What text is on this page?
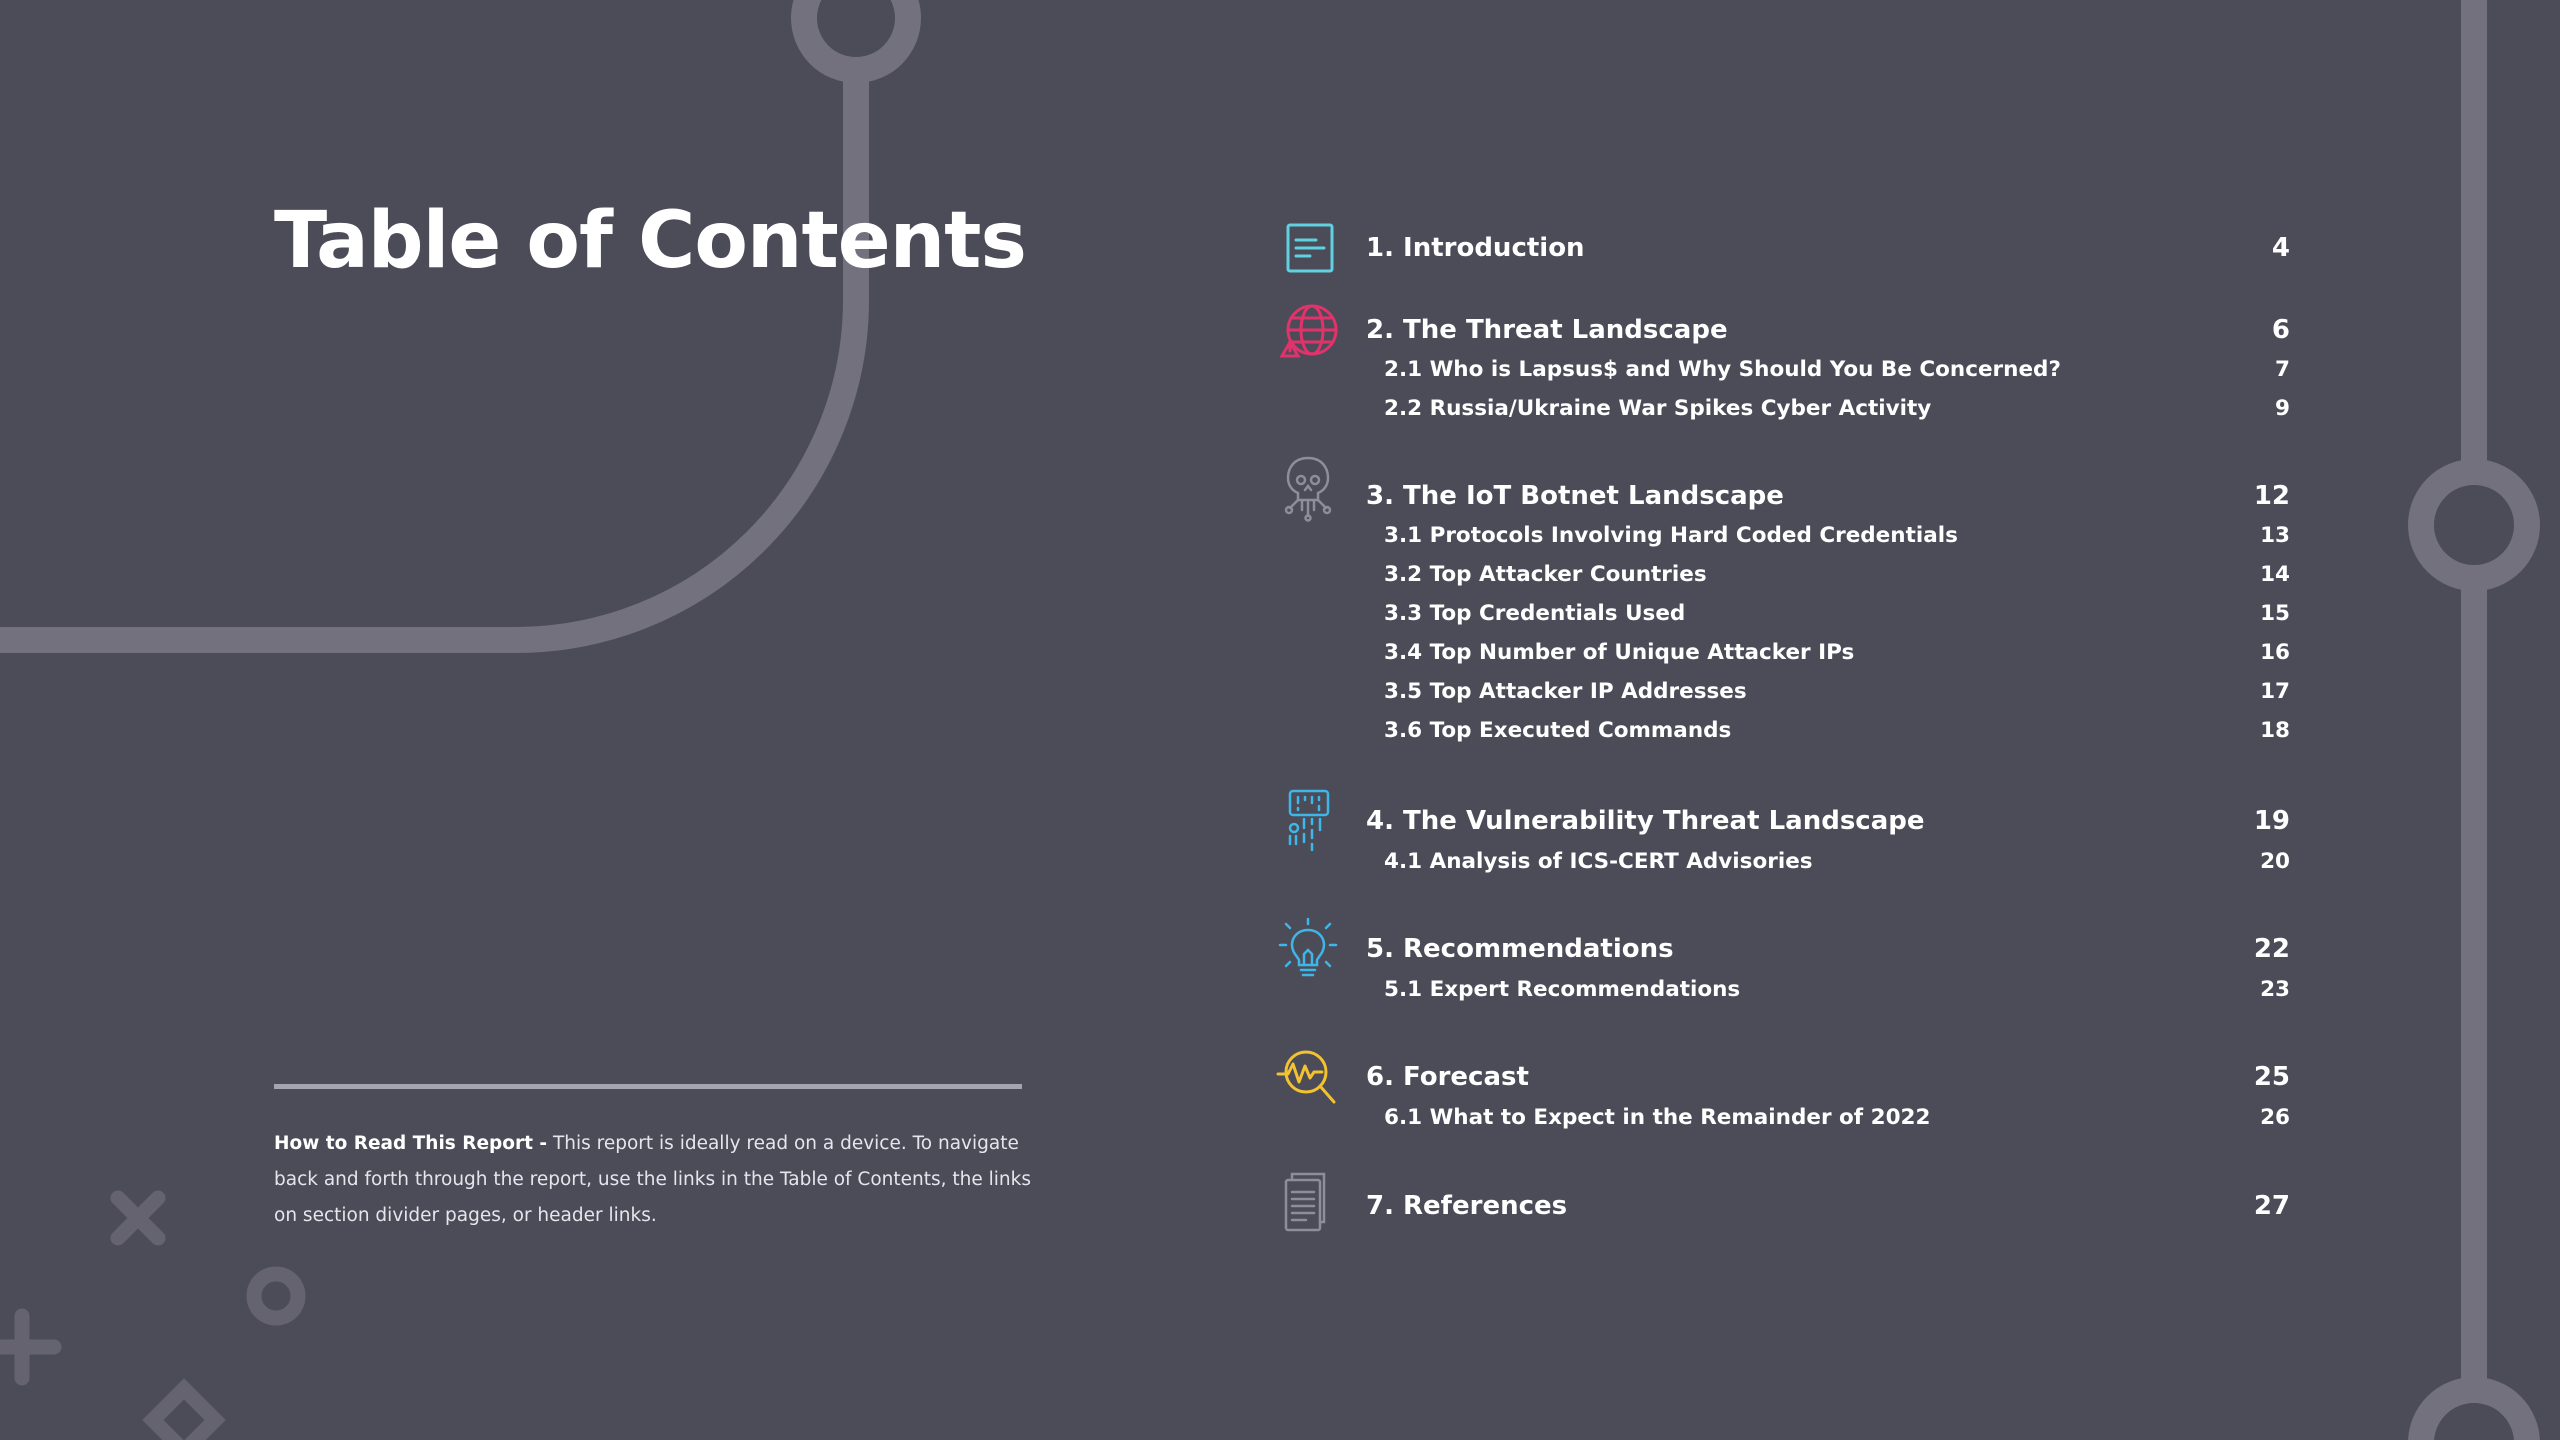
Table of Contents
How to Read This Report - This report is ideally read on a device. To navigate back and forth through the report, use the links in the Table of Contents, the links on section divider pages, or header links.
1. Introduction	4
2. The Threat Landscape	6
2.1 Who is Lapsus$ and Why Should You Be Concerned?	7
2.2 Russia/Ukraine War Spikes Cyber Activity	9
3. The IoT Botnet Landscape	12
3.1 Protocols Involving Hard Coded Credentials	13
3.2 Top Attacker Countries	14
3.3 Top Credentials Used	15
3.4 Top Number of Unique Attacker IPs	16
3.5 Top Attacker IP Addresses	17
3.6 Top Executed Commands	18
4. The Vulnerability Threat Landscape	19
4.1 Analysis of ICS-CERT Advisories	20
5. Recommendations	22
5.1 Expert Recommendations	23
6. Forecast	25
6.1 What to Expect in the Remainder of 2022	26
7. References	27
